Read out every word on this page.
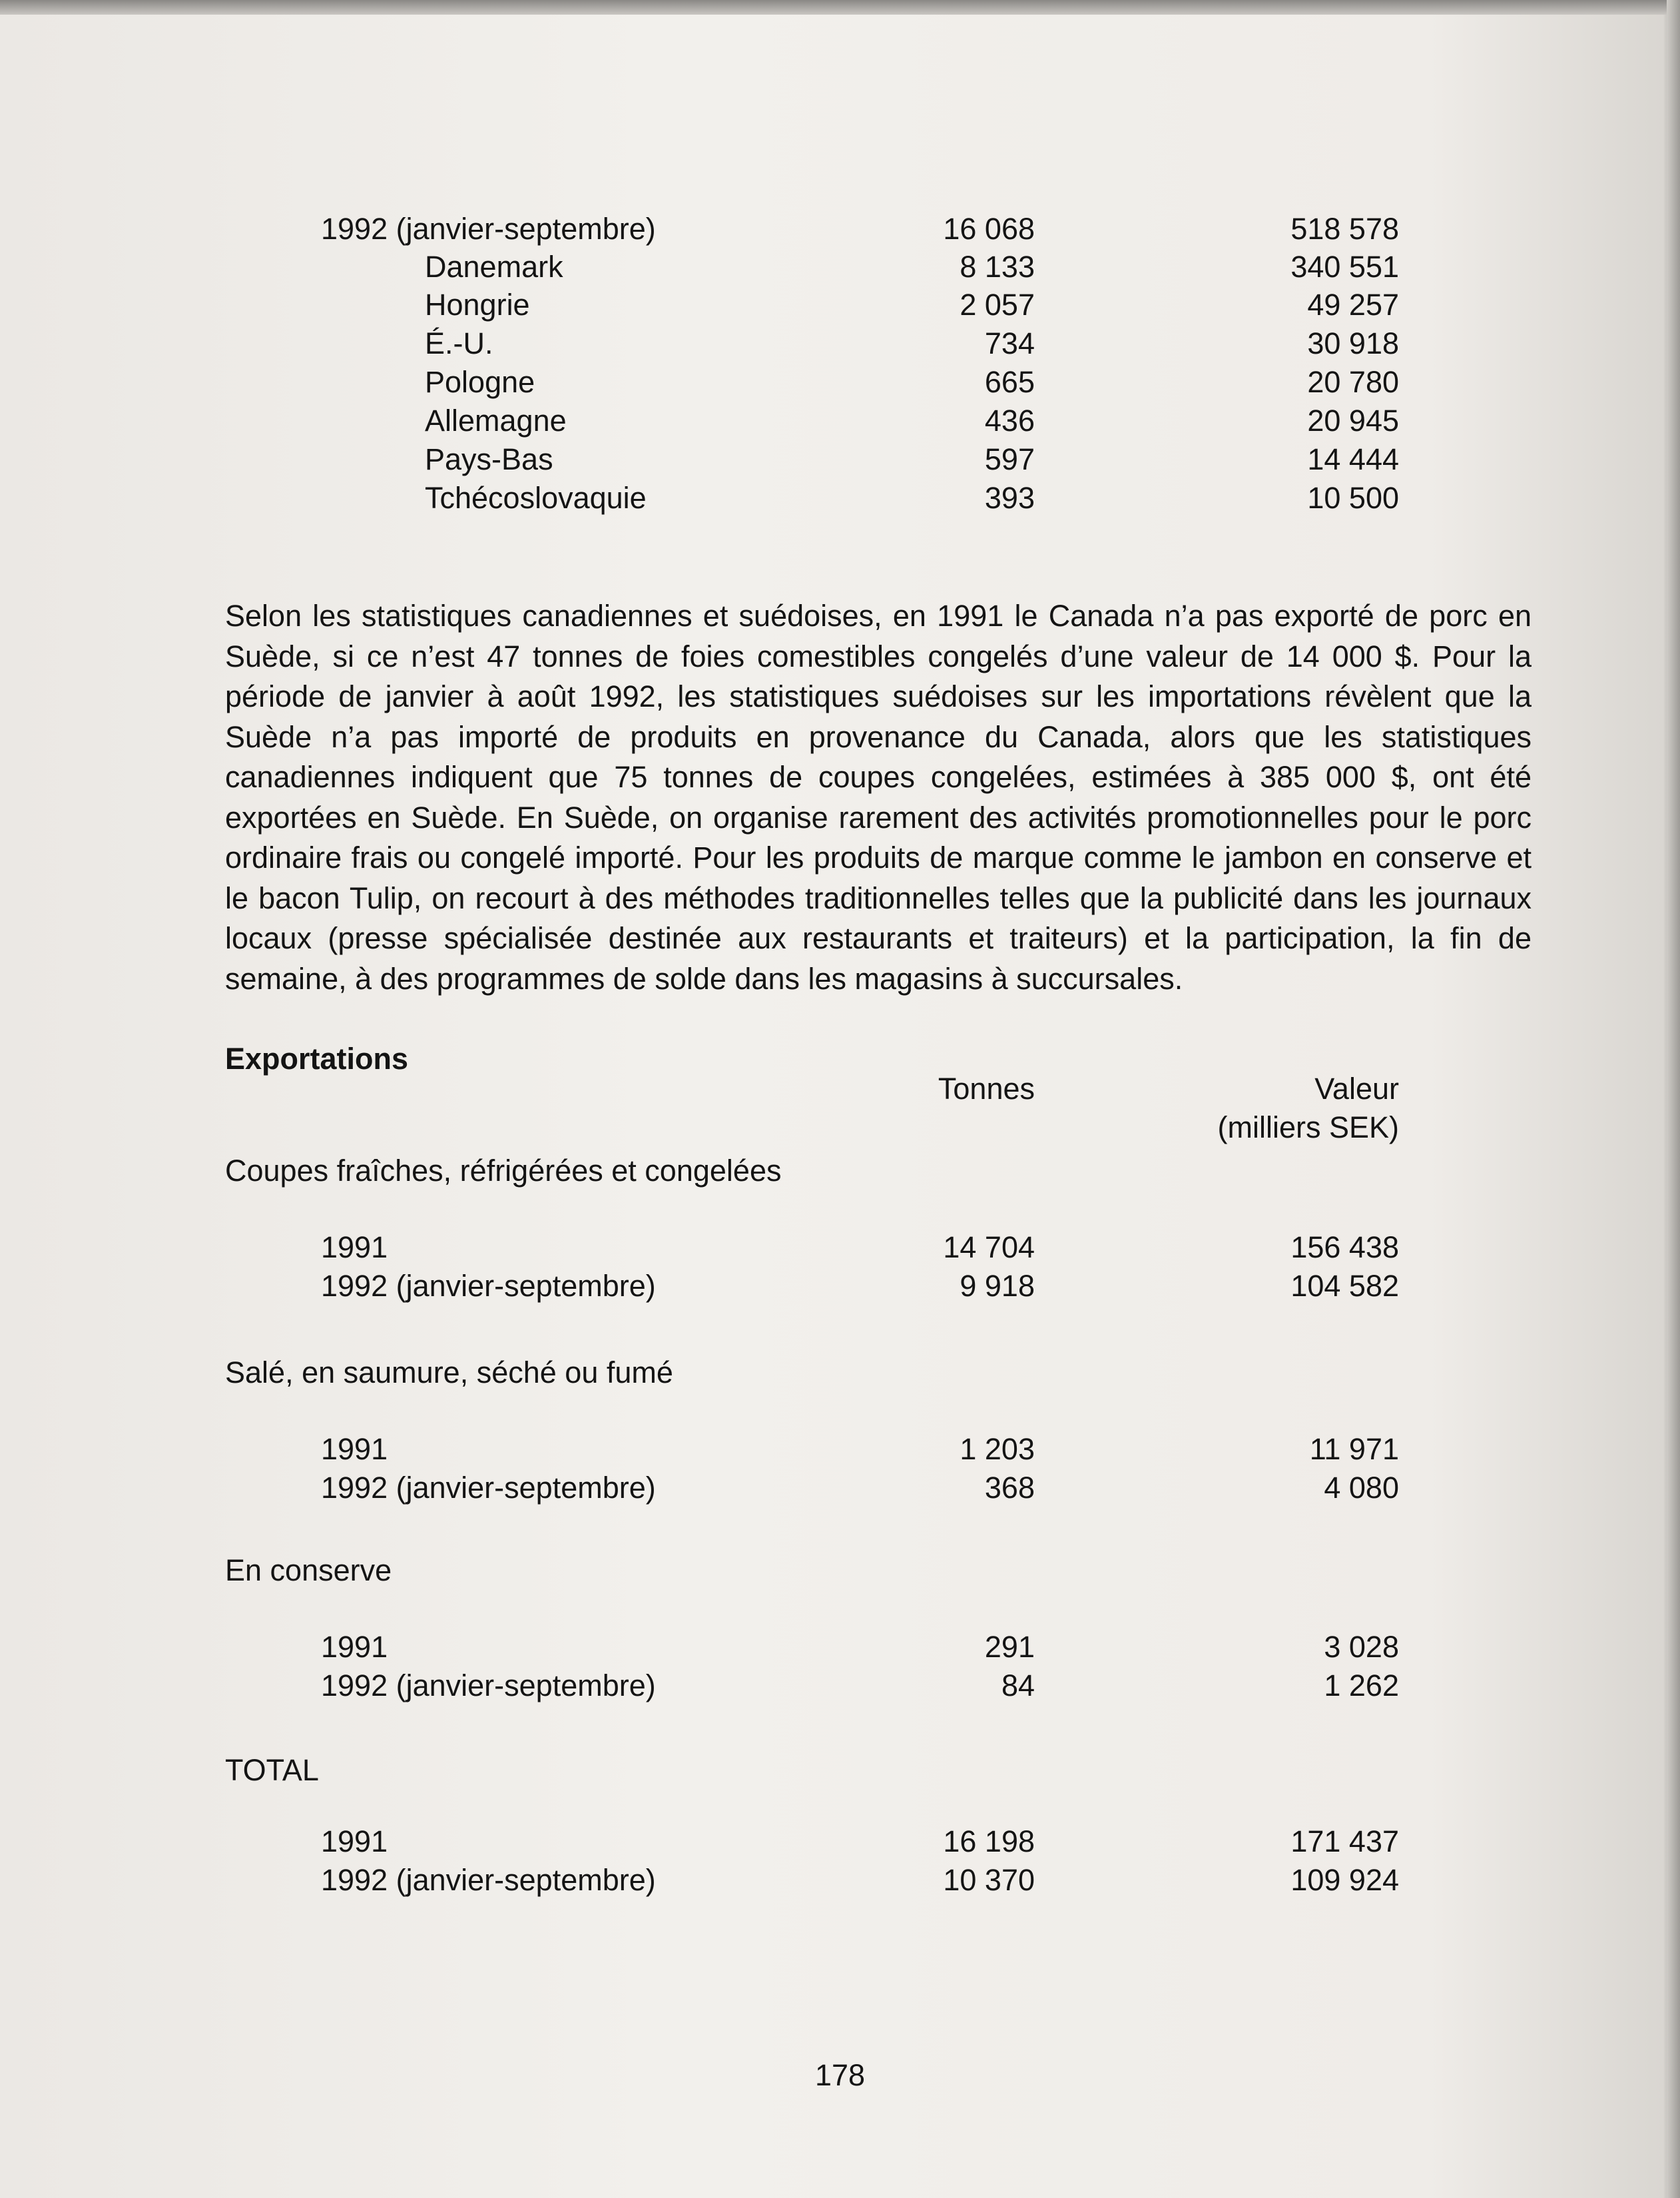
1992 (janvier-septembre)	16 068	518 578
Danemark	8 133	340 551
Hongrie	2 057	49 257
É.-U.	734	30 918
Pologne	665	20 780
Allemagne	436	20 945
Pays-Bas	597	14 444
Tchécoslovaquie	393	10 500

Selon les statistiques canadiennes et suédoises, en 1991 le Canada n’a pas exporté de porc en Suède, si ce n’est 47 tonnes de foies comestibles congelés d’une valeur de 14 000 $. Pour la période de janvier à août 1992, les statistiques suédoises sur les importations révèlent que la Suède n’a pas importé de produits en provenance du Canada, alors que les statistiques canadiennes indiquent que 75 tonnes de coupes congelées, estimées à 385 000 $, ont été exportées en Suède. En Suède, on organise rarement des activités promotionnelles pour le porc ordinaire frais ou congelé importé. Pour les produits de marque comme le jambon en conserve et le bacon Tulip, on recourt à des méthodes traditionnelles telles que la publicité dans les journaux locaux (presse spécialisée destinée aux restaurants et traiteurs) et la participation, la fin de semaine, à des programmes de solde dans les magasins à succursales.

Exportations
Tonnes	Valeur
(milliers SEK)
Coupes fraîches, réfrigérées et congelées
1991	14 704	156 438
1992 (janvier-septembre)	9 918	104 582
Salé, en saumure, séché ou fumé
1991	1 203	11 971
1992 (janvier-septembre)	368	4 080
En conserve
1991	291	3 028
1992 (janvier-septembre)	84	1 262
TOTAL
1991	16 198	171 437
1992 (janvier-septembre)	10 370	109 924
178
